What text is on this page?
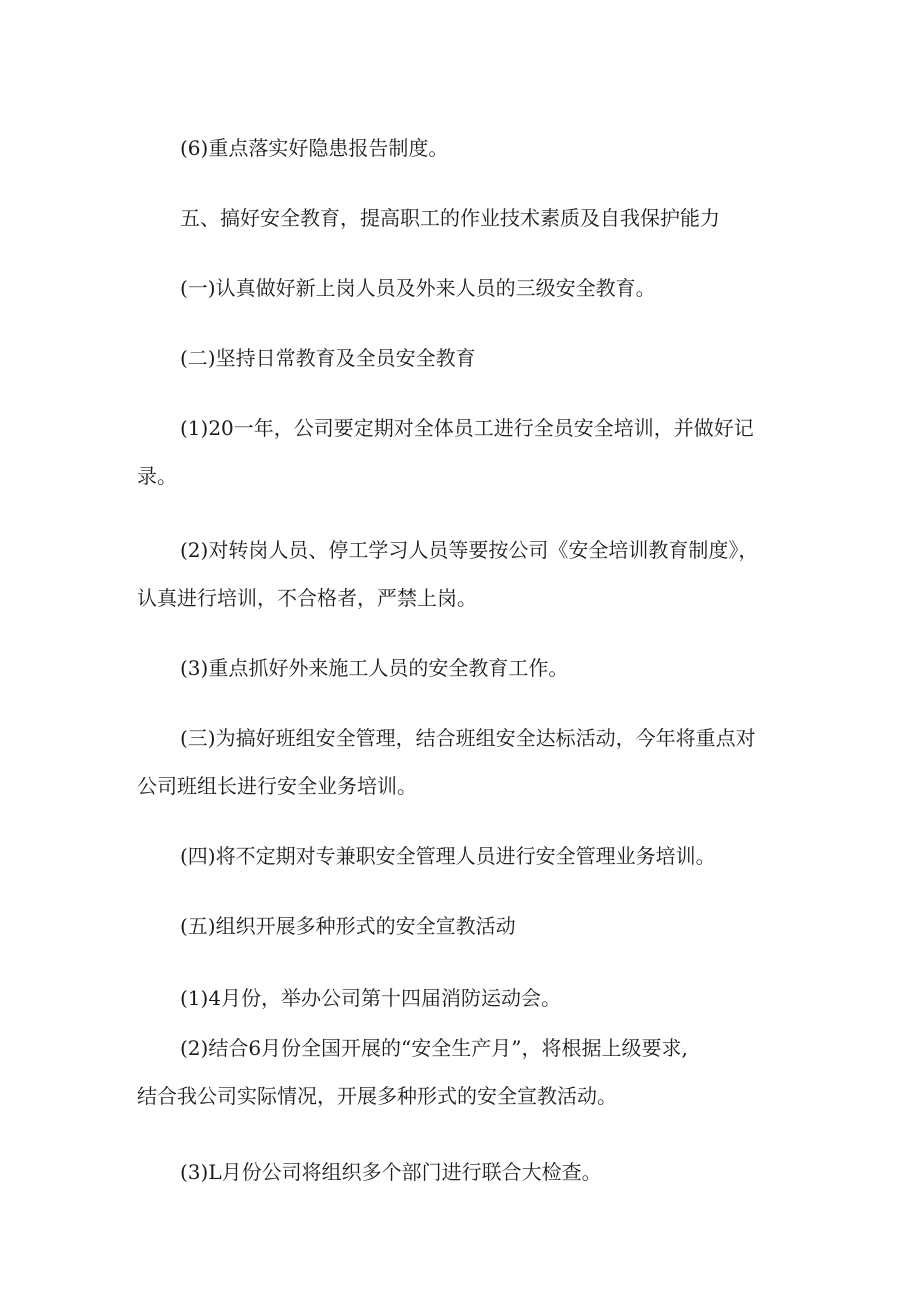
(6)重点落实好隐患报告制度。

五、搞好安全教育，提高职工的作业技术素质及自我保护能力

(一)认真做好新上岗人员及外来人员的三级安全教育。

(二)坚持日常教育及全员安全教育

(1)20一年，公司要定期对全体员工进行全员安全培训，并做好记
录。

(2)对转岗人员、停工学习人员等要按公司《安全培训教育制度》，
认真进行培训，不合格者，严禁上岗。

(3)重点抓好外来施工人员的安全教育工作。

(三)为搞好班组安全管理，结合班组安全达标活动，今年将重点对
公司班组长进行安全业务培训。

(四)将不定期对专兼职安全管理人员进行安全管理业务培训。

(五)组织开展多种形式的安全宣教活动

(1)4月份，举办公司第十四届消防运动会。

(2)结合6月份全国开展的“安全生产月”，将根据上级要求,
结合我公司实际情况，开展多种形式的安全宣教活动。

(3)L月份公司将组织多个部门进行联合大检查。
